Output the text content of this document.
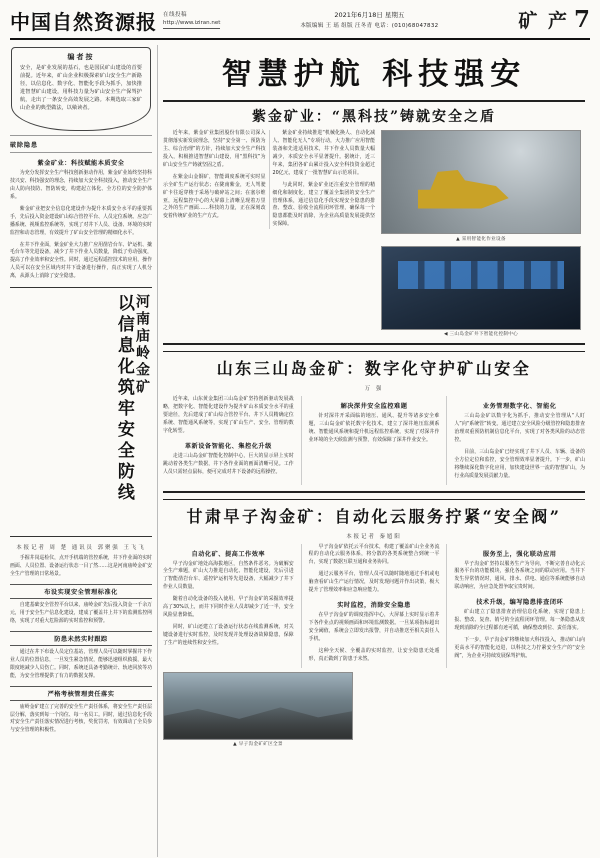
中国自然资源报 在线投稿
http://www.iziran.net
2021年6月18日 星期五
本版编辑 王 瑶 组版 汪冬青 电话：(010)68047832	矿 产 7
编者按
安全，是矿业发展的基石，也是国民矿山建设的首要前提。近年来，矿山企业积极探索矿山安全生产新路径，以信息化、数字化、智能化手段为抓手，加快推进智慧矿山建设，用科技力量为矿山安全生产保驾护航，走出了一条安全高效发展之路。本期选取三家矿山企业的典型做法，以飨读者。
破除隐患
紫金矿业：科技赋能本质安全

为充分发挥安全生产科技创新驱动作用，紫金矿业始终坚持科技兴安、科技强安的理念，持续加大安全科技投入，推动安全生产由人防向技防、智防转变，构建起立体化、全方位的安全防护体系。

紫金矿业把安全信息化建设作为提升本质安全水平的重要抓手，先后投入资金建设矿山综合管控平台、人员定位系统、应急广播系统、视频监控系统等，实现了对井下人员、设备、环境的实时监控和动态管理，有效提升了矿山安全管理的精细化水平。

在井下作业面，紫金矿业大力推广应用凿岩台车、铲运机、撬毛台车等先进设备，减少了井下作业人员数量，降低了劳动强度，提高了作业效率和安全性。同时，通过远程遥控技术的应用，操作人员可以在安全区域内对井下设备进行操作，真正实现了人机分离，从源头上消除了安全隐患。

河南庙岭金矿
以信息化筑牢安全防线
本报记者 周 楚 通讯员 郭聚强 王飞飞

手握井岗巡检仪，点开手机端的管控系统，井下作业面的实时画面、人员位置、设备运行状态一目了然……这是河南庙岭金矿安全生产管理的日常场景。

布设实现安全管理标准化

自建基础安全管控平台以来，庙岭金矿先后投入资金一千余万元，用于安全生产信息化建设，建成了覆盖井上井下的监测监控网络，实现了对重大危险源的实时监控和预警。

防患未然实时跟踪

通过在井下布设人员定位基站，管理人员可以随时掌握井下作业人员的位置信息，一旦发生紧急情况，能够迅速组织救援，最大限度地减少人员伤亡。同时，系统还具备考勤统计、轨迹回放等功能，为安全管理提供了有力的数据支撑。

严格考核管理责任落实

庙岭金矿建立了完善的安全生产责任体系，将安全生产责任层层分解，落实到每一个岗位、每一名员工。同时，通过信息化手段对安全生产责任落实情况进行考核，奖优罚劣，有效调动了全员参与安全管理的积极性。

智慧护航 科技强安
紫金矿业：“黑科技”铸就安全之盾

近年来，紫金矿业集团股份有限公司深入贯彻落实新发展理念，坚持“安全第一、预防为主、综合治理”的方针，持续加大安全生产科技投入，积极推进智慧矿山建设，用“黑科技”为矿山安全生产铸就坚固之盾。

在紫金山金铜矿，智能调度系统可实时显示全矿生产运行状态；在陇南紫金，无人驾驶矿卡往返穿梭于采场与破碎站之间；在塞尔维亚，远程集控中心的大屏幕上清晰呈现着万里之外的生产画面……科技的力量，正在深刻改变着传统矿业的生产方式。

紫金矿业持续推进“机械化换人、自动化减人、智能化无人”专项行动，大力推广应用智能装备和先进适用技术，井下作业人员数量大幅减少，本质安全水平显著提升。据统计，近三年来，集团各矿山累计投入安全科技资金超过20亿元，建成了一批智慧矿山示范项目。

与此同时，紫金矿业还注重安全管理的精细化和制度化，建立了覆盖全集团的安全生产管理体系，通过信息化手段实现安全隐患的排查、整改、验收全流程闭环管理，确保每一个隐患都能及时消除，为企业高质量发展提供坚实保障。

▲ 采用智能化作业设备
◀ 三山岛金矿井下智能化控制中心
山东三山岛金矿：数字化守护矿山安全
万 强

近年来，山东黄金集团三山岛金矿坚持创新驱动发展战略，把数字化、智能化建设作为提升矿山本质安全水平的重要途径，先后建成了矿山综合管控平台、井下人员精确定位系统、智能通风系统等，实现了矿山生产、安全、管理的数字化转型。

革新设备智能化、集控化升级

走进三山岛金矿智能化控制中心，巨大的显示屏上实时跳动着各类生产数据，井下各作业面的画面清晰可见。工作人员只需轻点鼠标，便可完成对井下设备的远程操控。

解决深井安全监控难题

针对深井开采面临的地压、通风、提升等诸多安全难题，三山岛金矿依托数字化技术，建立了深井地压监测系统、智能通风系统和提升机远程监控系统，实现了对深井作业环境的全天候监测与预警，有效保障了深井作业安全。

业务管理数字化、智能化

三山岛金矿以数字化为抓手，推动安全管理从“人盯人”向“系统管”转变。通过建立安全风险分级管控和隐患排查治理双重预防机制信息化平台，实现了对各类风险的动态管控。

目前，三山岛金矿已经实现了井下人员、车辆、设备的全方位定位和监控，安全管理效率显著提升。下一步，矿山将继续深化数字化应用，加快建设世界一流的智慧矿山，为行业高质量发展贡献力量。

甘肃早子沟金矿：自动化云服务拧紧“安全阀”
本报记者 秦馗阳
自动化矿、提高工作效率

早子沟金矿地处高海拔地区，自然条件恶劣。为破解安全生产难题，矿山大力推进自动化、智能化建设，先后引进了智能凿岩台车、遥控铲运机等先进设备，大幅减少了井下作业人员数量。

随着自动化设备的投入使用，早子沟金矿的采掘效率提高了30%以上，而井下同时作业人员却减少了近一半，安全风险显著降低。

同时，矿山还建立了设备运行状态在线监测系统，对关键设备进行实时监控，及时发现并处理设备故障隐患，保障了生产的连续性和安全性。

早子沟金矿依托云平台技术，构建了覆盖矿山全业务流程的自动化云服务体系，将分散的各类系统整合到统一平台，实现了数据互联互通和业务协同。

通过云服务平台，管理人员可以随时随地通过手机或电脑查看矿山生产运行情况，及时发现问题并作出决策，极大提升了管理效率和应急响应能力。

实时监控，消除安全隐患

在早子沟金矿的调度指挥中心，大屏幕上实时显示着井下各作业点的视频画面和环境监测数据。一旦某项指标超出安全阈值，系统会立即发出报警，并自动推送至相关责任人手机。

这种全天候、全覆盖的实时监控，让安全隐患无处遁形，真正做到了防患于未然。

服务至上，强化联动应用

早子沟金矿坚持以服务生产为导向，不断完善自动化云服务平台的功能模块，强化各系统之间的联动应用。当井下发生异常情况时，通风、排水、供电、通信等系统能够自动联动响应，为应急处置争取宝贵时间。

技术升级，编写隐患排查闭环

矿山建立了隐患排查治理信息化系统，实现了隐患上报、整改、复查、销号的全流程闭环管理。每一条隐患从发现到消除的全过程都有迹可循，确保整改到位、责任落实。

下一步，早子沟金矿将继续加大科技投入，推动矿山向更高水平的智能化迈进，以科技之力拧紧安全生产的“安全阀”，为企业可持续发展保驾护航。

▲ 早子沟金矿矿区全景
